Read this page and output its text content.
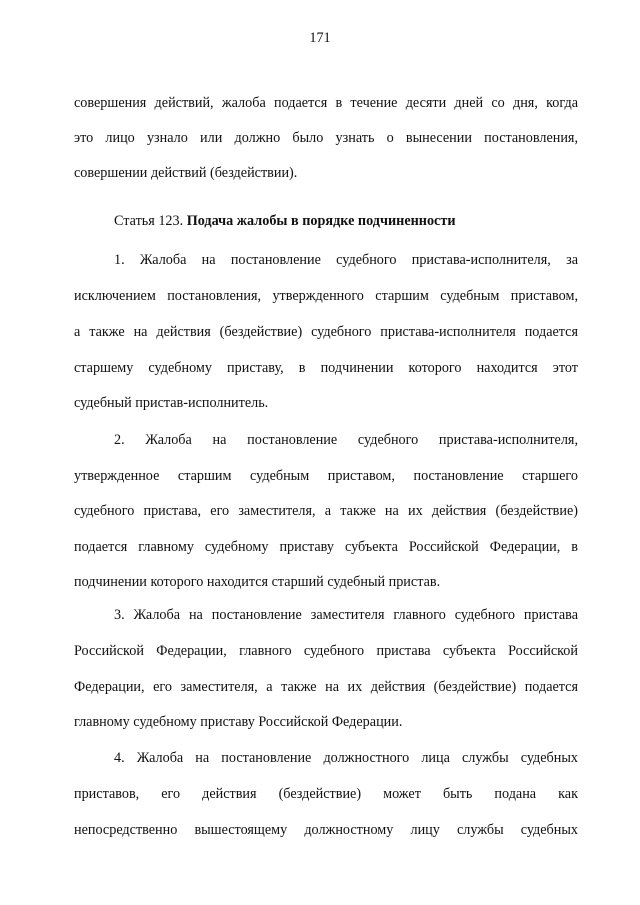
171
совершения действий, жалоба подается в течение десяти дней со дня, когда
это лицо узнало или должно было узнать о вынесении постановления,
совершении действий (бездействии).
Статья 123. Подача жалобы в порядке подчиненности
1. Жалоба на постановление судебного пристава-исполнителя, за
исключением постановления, утвержденного старшим судебным приставом,
а также на действия (бездействие) судебного пристава-исполнителя подается
старшему судебному приставу, в подчинении которого находится этот
судебный пристав-исполнитель.
2. Жалоба на постановление судебного пристава-исполнителя,
утвержденное старшим судебным приставом, постановление старшего
судебного пристава, его заместителя, а также на их действия (бездействие)
подается главному судебному приставу субъекта Российской Федерации, в
подчинении которого находится старший судебный пристав.
3. Жалоба на постановление заместителя главного судебного пристава
Российской Федерации, главного судебного пристава субъекта Российской
Федерации, его заместителя, а также на их действия (бездействие) подается
главному судебному приставу Российской Федерации.
4. Жалоба на постановление должностного лица службы судебных
приставов, его действия (бездействие) может быть подана как
непосредственно вышестоящему должностному лицу службы судебных
